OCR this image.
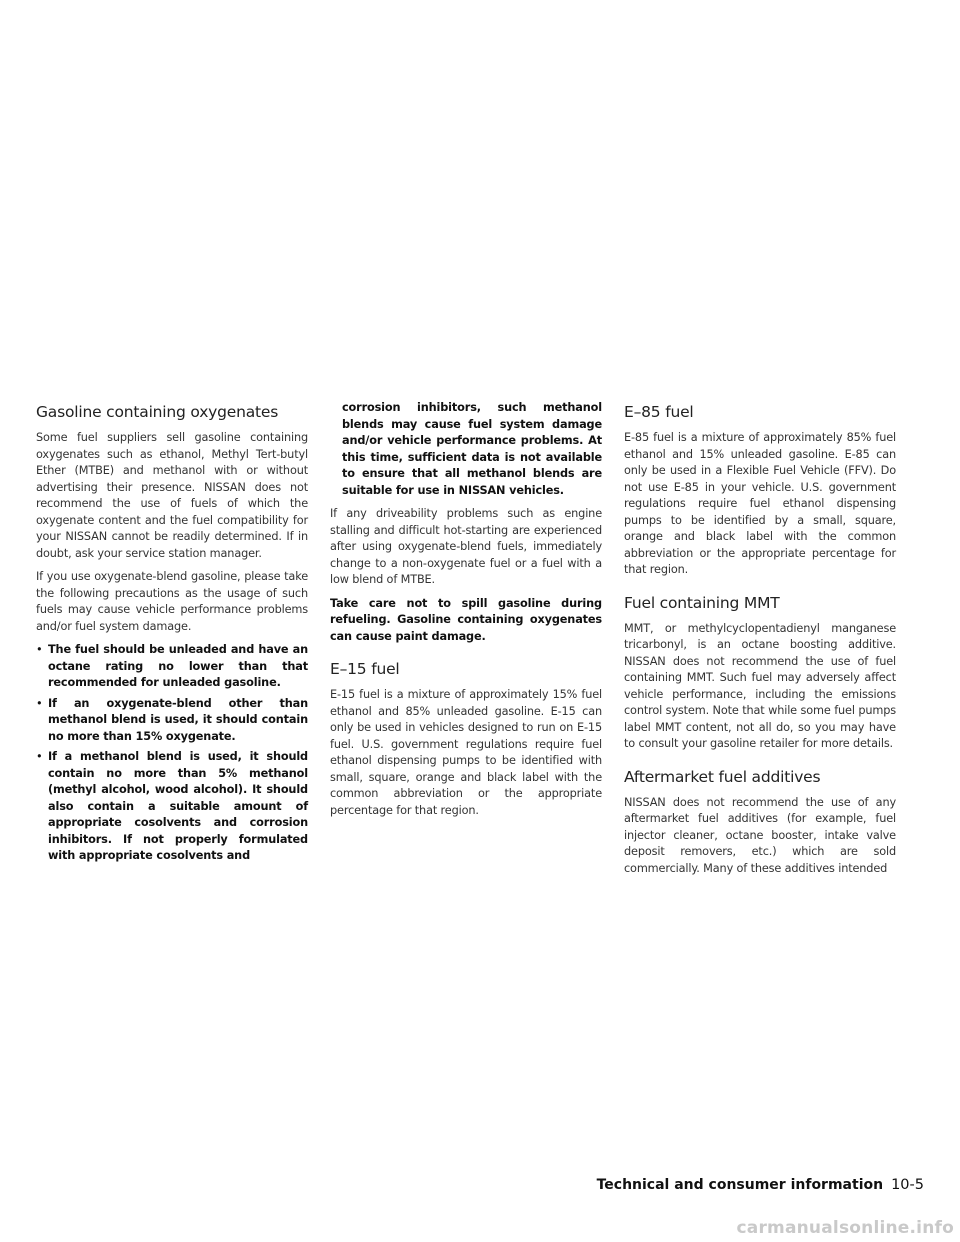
Gasoline containing oxygenates

Some fuel suppliers sell gasoline containing oxygenates such as ethanol, Methyl Tert-butyl Ether (MTBE) and methanol with or without advertising their presence. NISSAN does not recommend the use of fuels of which the oxygenate content and the fuel compatibility for your NISSAN cannot be readily determined. If in doubt, ask your service station manager.

If you use oxygenate-blend gasoline, please take the following precautions as the usage of such fuels may cause vehicle performance problems and/or fuel system damage.

• The fuel should be unleaded and have an octane rating no lower than that recommended for unleaded gasoline.
• If an oxygenate-blend other than methanol blend is used, it should contain no more than 15% oxygenate.
• If a methanol blend is used, it should contain no more than 5% methanol (methyl alcohol, wood alcohol). It should also contain a suitable amount of appropriate cosolvents and corrosion inhibitors. If not properly formulated with appropriate cosolvents and

corrosion inhibitors, such methanol blends may cause fuel system damage and/or vehicle performance problems. At this time, sufficient data is not available to ensure that all methanol blends are suitable for use in NISSAN vehicles.

If any driveability problems such as engine stalling and difficult hot-starting are experienced after using oxygenate-blend fuels, immediately change to a non-oxygenate fuel or a fuel with a low blend of MTBE.

Take care not to spill gasoline during refueling. Gasoline containing oxygenates can cause paint damage.

E–15 fuel

E-15 fuel is a mixture of approximately 15% fuel ethanol and 85% unleaded gasoline. E-15 can only be used in vehicles designed to run on E-15 fuel. U.S. government regulations require fuel ethanol dispensing pumps to be identified with small, square, orange and black label with the common abbreviation or the appropriate percentage for that region.

E–85 fuel

E-85 fuel is a mixture of approximately 85% fuel ethanol and 15% unleaded gasoline. E-85 can only be used in a Flexible Fuel Vehicle (FFV). Do not use E-85 in your vehicle. U.S. government regulations require fuel ethanol dispensing pumps to be identified by a small, square, orange and black label with the common abbreviation or the appropriate percentage for that region.

Fuel containing MMT

MMT, or methylcyclopentadienyl manganese tricarbonyl, is an octane boosting additive. NISSAN does not recommend the use of fuel containing MMT. Such fuel may adversely affect vehicle performance, including the emissions control system. Note that while some fuel pumps label MMT content, not all do, so you may have to consult your gasoline retailer for more details.

Aftermarket fuel additives

NISSAN does not recommend the use of any aftermarket fuel additives (for example, fuel injector cleaner, octane booster, intake valve deposit removers, etc.) which are sold commercially. Many of these additives intended

Technical and consumer information 10-5
carmanualsonline.info
